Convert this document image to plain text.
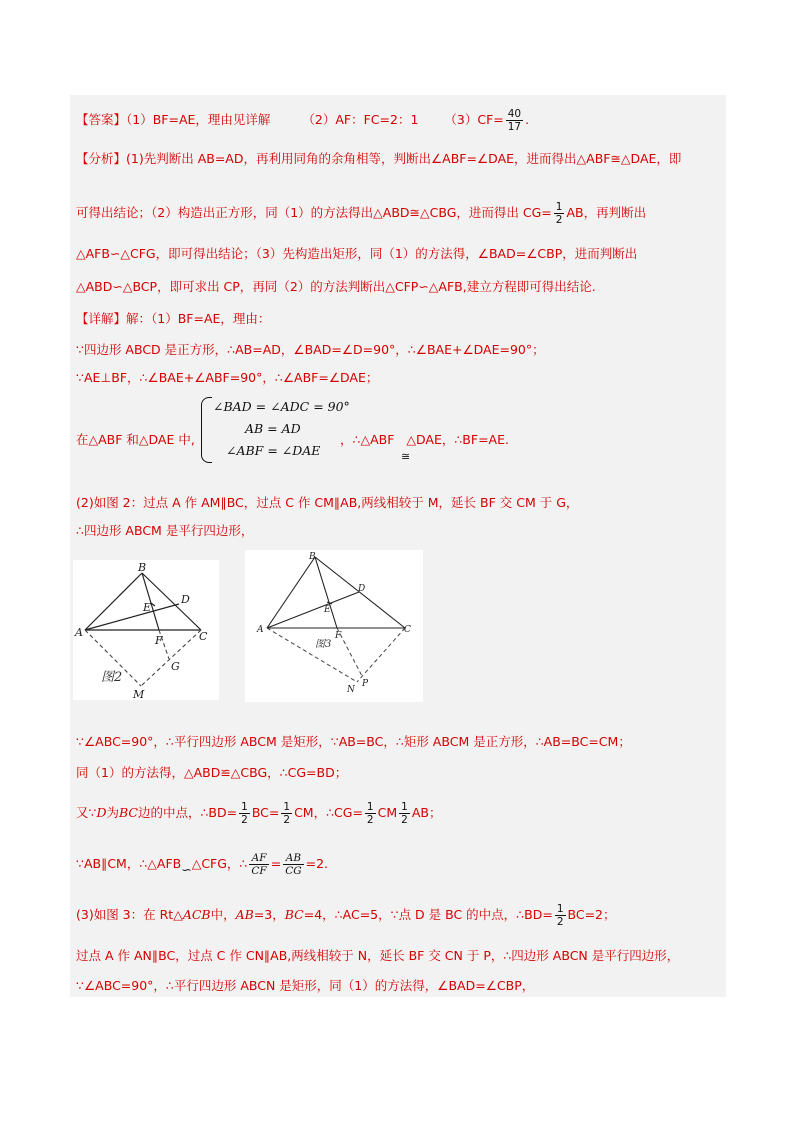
【答案】（1）BF=AE，理由见详解	（2）AF：FC=2：1 $(3)CF= \frac{40}{17}$ .
【分析】(1)先判断出 AB=AD，再利用同角的余角相等，判断出∠ABF=∠DAE，进而得出△ABF≅△DAE，即
可得出结论；（2）构造出正方形，同（1）的方法得出△ABD≅△CBG，进而得出 $CG= \frac{1}{2}$ AB，再判断出
△AFB∽△CFG，即可得出结论；（3）先构造出矩形，同（1）的方法得，∠BAD=∠CBP，进而判断出
△ABD∽△BCP，即可求出 CP，再同（2）的方法判断出△CFP∽△AFB,建立方程即可得出结论.
【详解】解：（1）BF=AE，理由：
∵四边形 ABCD 是正方形，∴AB=AD，∠BAD=∠D=90°，∴∠BAE+∠DAE=90°；
∵AE⊥BF，∴∠BAE+∠ABF=90°，∴∠ABF=∠DAE；
在△ABF 和△DAE 中,
∠BAD = ∠ADC = 90°
AB = AD
∠ABF = ∠DAE
，∴△ABF △DAE，∴BF=AE.
≅
(2)如图 2：过点 A 作 AM∥BC，过点 C 作 CM∥AB,两线相较于 M，延长 BF 交 CM 于 G，
∴四边形 ABCM 是平行四边形，
A
B
C
D
E
F
G
M
图2
A
B
C
D
E
F
N
P
图3
∵∠ABC=90°，∴平行四边形 ABCM 是矩形，∵AB=BC，∴矩形 ABCM 是正方形，∴AB=BC=CM；
同（1）的方法得，△ABD≌△CBG，∴CG=BD；
又∵D为BC边的中点，∴BD= $\frac{1}{2} BC= \frac{1}{2}$ CM，∴CG= $\frac{1}{2}$ CM $\frac{1}{2}$ AB；
∵AB∥CM，∴△AFB∽△CFG，∴ $\frac{AF}{CF} = \frac{AB}{CG} =2$.
(3)如图 3：在 Rt△ACB中，AB=3，BC=4，∴AC=5，∵点 D 是 BC 的中点，∴BD= $\frac{1}{2} BC=2$；
过点 A 作 AN∥BC，过点 C 作 CN∥AB,两线相较于 N，延长 BF 交 CN 于 P，∴四边形 ABCN 是平行四边形，
∵∠ABC=90°，∴平行四边形 ABCN 是矩形，同（1）的方法得，∠BAD=∠CBP，
